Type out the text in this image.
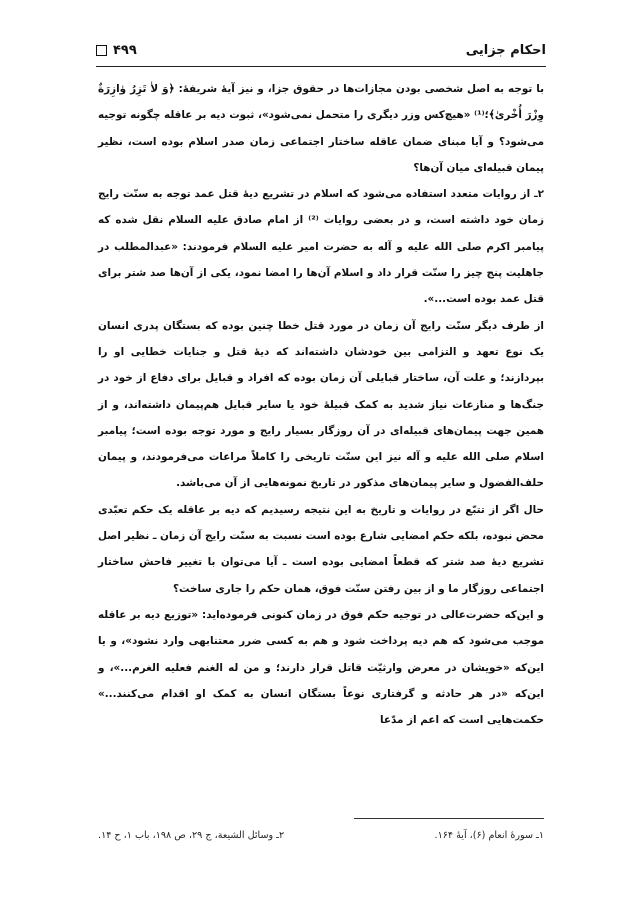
احکام جزایی
۴۹۹

با توجه به اصل شخصی بودن مجازات‌ها در حقوق جزا، و نیز آیهٔ شریفهٔ: ﴿وَ لاٰ تَزِرُ وٰازِرَةٌ وِزْرَ أُخْرىٰ﴾؛⁽¹⁾ «هیچ‌کس وزر دیگری را متحمل نمی‌شود»، ثبوت دیه بر عاقله چگونه توجیه می‌شود؟ و آیا مبنای ضمان عاقله ساختار اجتماعی زمان صدر اسلام بوده است، نظیر پیمان قبیله‌ای میان آن‌ها؟

۲ـ از روایات متعدد استفاده می‌شود که اسلام در تشریع دیهٔ قتل عمد توجه به سنّت رایج زمان خود داشته است، و در بعضی روایات ⁽²⁾ از امام صادق علیه السلام نقل شده که پیامبر اکرم صلی الله علیه و آله به حضرت امیر علیه السلام فرمودند: «عبدالمطلب در جاهلیت پنج چیز را سنّت قرار داد و اسلام آن‌ها را امضا نمود، یکی از آن‌ها صد شتر برای قتل عمد بوده است...».

از طرف دیگر سنّت رایج آن زمان در مورد قتل خطا چنین بوده که بستگان پدری انسان یک نوع تعهد و التزامی بین خودشان داشته‌اند که دیهٔ قتل و جنایات خطایی او را بپردازند؛ و علت آن، ساختار قبایلی آن زمان بوده که افراد و قبایل برای دفاع از خود در جنگ‌ها و منازعات نیاز شدید به کمک قبیلهٔ خود یا سایر قبایل هم‌پیمان داشته‌اند، و از همین جهت پیمان‌های قبیله‌ای در آن روزگار بسیار رایج و مورد توجه بوده است؛ پیامبر اسلام صلی الله علیه و آله نیز این سنّت تاریخی را کاملاً مراعات می‌فرمودند، و پیمان حلف‌الفضول و سایر پیمان‌های مذکور در تاریخ نمونه‌هایی از آن می‌باشد.

حال اگر از تتبّع در روایات و تاریخ به این نتیجه رسیدیم که دیه بر عاقله یک حکم تعبّدی محض نبوده، بلکه حکم امضایی شارع بوده است نسبت به سنّت رایج آن زمان ـ نظیر اصل تشریع دیهٔ صد شتر که قطعاً امضایی بوده است ـ آیا می‌توان با تغییر فاحش ساختار اجتماعی روزگار ما و از بین رفتن سنّت فوق، همان حکم را جاری ساخت؟

و این‌که حضرت‌عالی در توجیه حکم فوق در زمان کنونی فرموده‌اید: «توزیع دیه بر عاقله موجب می‌شود که هم دیه پرداخت شود و هم به کسی ضرر معتنابهی وارد نشود»، و یا این‌که «خویشان در معرض وارثیّت قاتل قرار دارند؛ و من له الغنم فعلیه الغرم...»، و این‌که «در هر حادثه و گرفتاری نوعاً بستگان انسان به کمک او اقدام می‌کنند...» حکمت‌هایی است که اعم از مدّعا

۱ـ سورهٔ انعام (۶)، آیهٔ ۱۶۴.
۲ـ وسائل الشیعة، ج ۲۹، ص ۱۹۸، باب ۱، ح ۱۴.
